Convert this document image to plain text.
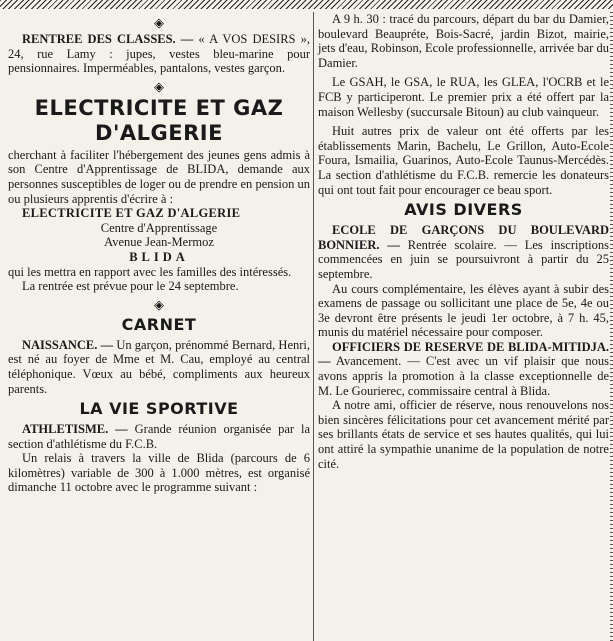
◈

RENTREE DES CLASSES. — « A VOS DESIRS », 24, rue Lamy : jupes, vestes bleu-marine pour pensionnaires. Imperméables, pantalons, vestes garçon.

◈
ELECTRICITE ET GAZ
D'ALGERIE

cherchant à faciliter l'hébergement des jeunes gens admis à son Centre d'Apprentissage de BLIDA, demande aux personnes susceptibles de loger ou de prendre en pension un ou plusieurs apprentis d'écrire à :

ELECTRICITE ET GAZ D'ALGERIE

Centre d'Apprentissage

Avenue Jean-Mermoz

BLIDA

qui les mettra en rapport avec les familles des intéressés.

La rentrée est prévue pour le 24 septembre.

◈
CARNET

NAISSANCE. — Un garçon, prénommé Bernard, Henri, est né au foyer de Mme et M. Cau, employé au central téléphonique. Vœux au bébé, compliments aux heureux parents.

LA VIE SPORTIVE

ATHLETISME. — Grande réunion organisée par la section d'athlétisme du F.C.B.

Un relais à travers la ville de Blida (parcours de 6 kilomètres) variable de 300 à 1.000 mètres, est organisé dimanche 11 octobre avec le programme suivant :

A 9 h. 30 : tracé du parcours, départ du bar du Damier, boulevard Beaupréte, Bois-Sacré, jardin Bizot, mairie, jets d'eau, Robinson, Ecole professionnelle, arrivée bar du Damier.

Le GSAH, le GSA, le RUA, les GLEA, l'OCRB et le FCB y participeront. Le premier prix a été offert par la maison Wellesby (succursale Bitoun) au club vainqueur.

Huit autres prix de valeur ont été offerts par les établissements Marin, Bachelu, Le Grillon, Auto-Ecole Foura, Ismailia, Guarinos, Auto-Ecole Taunus-Mercédès. La section d'athlétisme du F.C.B. remercie les donateurs qui ont tout fait pour encourager ce beau sport.

AVIS DIVERS

ECOLE DE GARÇONS DU BOULEVARD BONNIER. — Rentrée scolaire. — Les inscriptions commencées en juin se poursuivront à partir du 25 septembre.

Au cours complémentaire, les élèves ayant à subir des examens de passage ou sollicitant une place de 5e, 4e ou 3e devront être présents le jeudi 1er octobre, à 7 h. 45, munis du matériel nécessaire pour composer.

OFFICIERS DE RESERVE DE BLIDA-MITIDJA. — Avancement. — C'est avec un vif plaisir que nous avons appris la promotion à la classe exceptionnelle de M. Le Gourierec, commissaire central à Blida.

A notre ami, officier de réserve, nous renouvelons nos bien sincères félicitations pour cet avancement mérité par ses brillants états de service et ses hautes qualités, qui lui ont attiré la sympathie unanime de la population de notre cité.
